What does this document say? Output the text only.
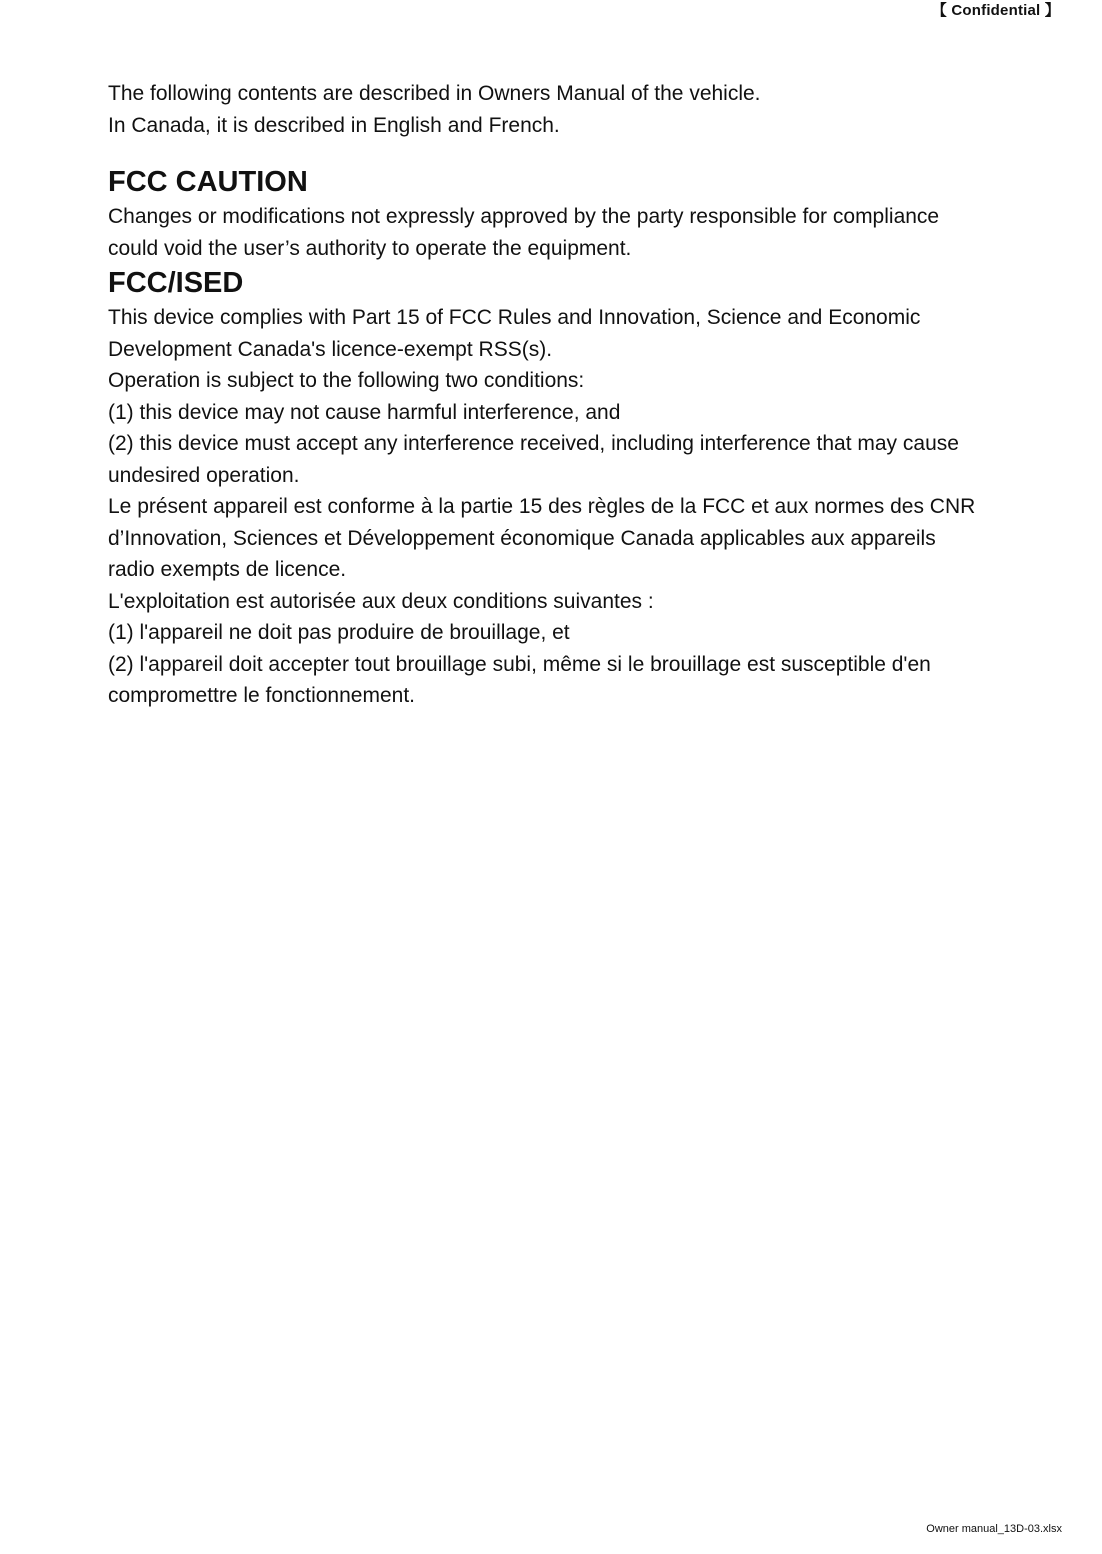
【 Confidential 】

The following contents are described in Owners Manual of the vehicle.

In Canada, it is described in English and French.

FCC CAUTION

Changes or modifications not expressly approved by the party responsible for compliance

could void the user’s authority to operate the equipment.

FCC/ISED

This device complies with Part 15 of FCC Rules and Innovation, Science and Economic

Development Canada's licence-exempt RSS(s).

Operation is subject to the following two conditions:

(1) this device may not cause harmful interference, and

(2) this device must accept any interference received, including interference that may cause

undesired operation.

Le présent appareil est conforme à la partie 15 des règles de la FCC et aux normes des CNR

d’Innovation, Sciences et Développement économique Canada applicables aux appareils

radio exempts de licence.

L'exploitation est autorisée aux deux conditions suivantes :

(1) l'appareil ne doit pas produire de brouillage, et

(2) l'appareil doit accepter tout brouillage subi, même si le brouillage est susceptible d'en

compromettre le fonctionnement.

Owner manual_13D-03.xlsx
